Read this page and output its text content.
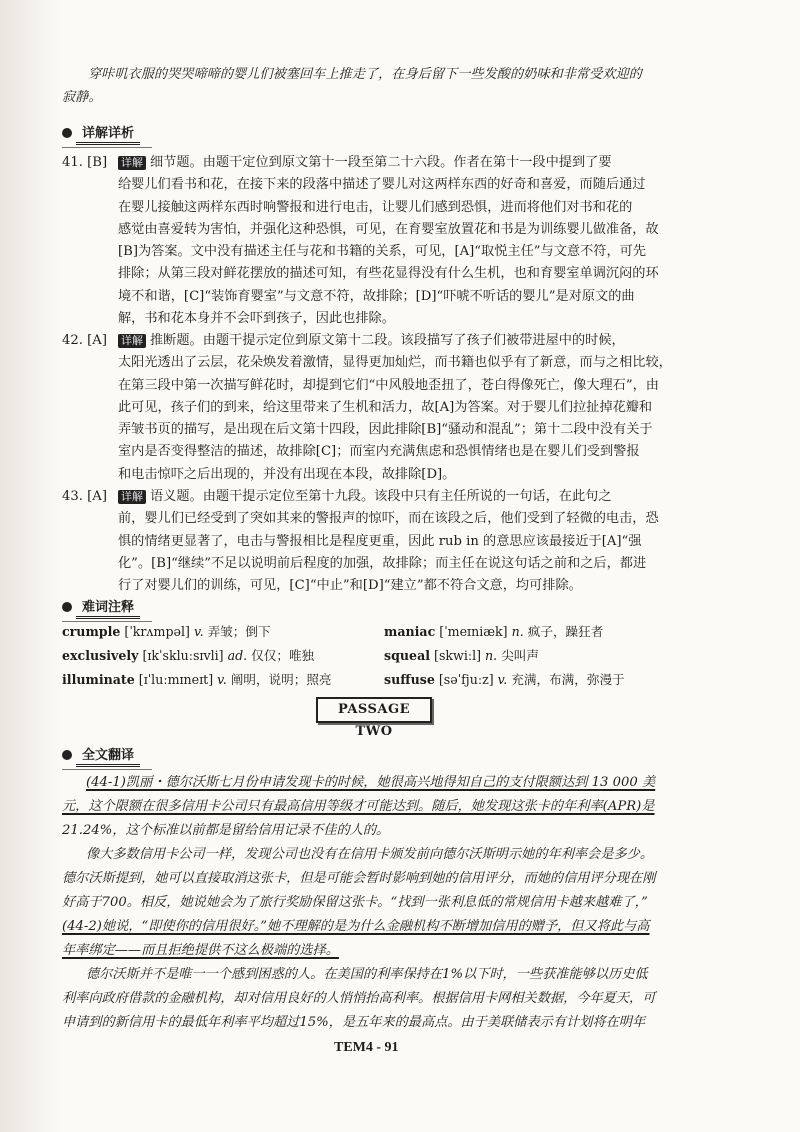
穿咔叽衣服的哭哭啼啼的婴儿们被塞回车上推走了，在身后留下一些发酸的奶味和非常受欢迎的
寂静。
详解详析
41. [B] 详解 细节题。由题干定位到原文第十一段至第二十六段。作者在第十一段中提到了要
给婴儿们看书和花，在接下来的段落中描述了婴儿对这两样东西的好奇和喜爱，而随后通过
在婴儿接触这两样东西时响警报和进行电击，让婴儿们感到恐惧，进而将他们对书和花的
感觉由喜爱转为害怕，并强化这种恐惧，可见，在育婴室放置花和书是为训练婴儿做准备，故
[B]为答案。文中没有描述主任与花和书籍的关系，可见，[A]“取悦主任”与文意不符，可先
排除；从第三段对鲜花摆放的描述可知，有些花显得没有什么生机，也和育婴室单调沉闷的环
境不和谐，[C]“装饰育婴室”与文意不符，故排除；[D]“吓唬不听话的婴儿”是对原文的曲
解，书和花本身并不会吓到孩子，因此也排除。
42. [A] 详解 推断题。由题干提示定位到原文第十二段。该段描写了孩子们被带进屋中的时候，
太阳光透出了云层，花朵焕发着激情，显得更加灿烂，而书籍也似乎有了新意，而与之相比较，
在第三段中第一次描写鲜花时，却提到它们“中风般地歪扭了，苍白得像死亡，像大理石”，由
此可见，孩子们的到来，给这里带来了生机和活力，故[A]为答案。对于婴儿们拉扯掉花瓣和
弄皱书页的描写，是出现在后文第十四段，因此排除[B]“骚动和混乱”；第十二段中没有关于
室内是否变得整洁的描述，故排除[C]；而室内充满焦虑和恐惧情绪也是在婴儿们受到警报
和电击惊吓之后出现的，并没有出现在本段，故排除[D]。
43. [A] 详解 语义题。由题干提示定位至第十九段。该段中只有主任所说的一句话，在此句之
前，婴儿们已经受到了突如其来的警报声的惊吓，而在该段之后，他们受到了轻微的电击，恐
惧的情绪更显著了，电击与警报相比是程度更重，因此 rub in 的意思应该最接近于[A]“强
化”。[B]“继续”不足以说明前后程度的加强，故排除；而主任在说这句话之前和之后，都进
行了对婴儿们的训练，可见，[C]“中止”和[D]“建立”都不符合文意，均可排除。
难词注释
crumple [ˈkrʌmpəl] v. 弄皱；倒下
exclusively [ɪkˈskluːsɪvli] ad. 仅仅；唯独
illuminate [ɪˈluːmɪneɪt] v. 阐明，说明；照亮
maniac [ˈmeɪniæk] n. 疯子，躁狂者
squeal [skwiːl] n. 尖叫声
suffuse [səˈfjuːz] v. 充满，布满，弥漫于
PASSAGE TWO
全文翻译
(44-1)凯丽・德尔沃斯七月份申请发现卡的时候，她很高兴地得知自己的支付限额达到 13 000 美
元，这个限额在很多信用卡公司只有最高信用等级才可能达到。随后，她发现这张卡的年利率(APR)是
21.24%，这个标准以前都是留给信用记录不佳的人的。
像大多数信用卡公司一样，发现公司也没有在信用卡颁发前向德尔沃斯明示她的年利率会是多少。
德尔沃斯提到，她可以直接取消这张卡，但是可能会暂时影响到她的信用评分，而她的信用评分现在刚
好高于700。相反，她说她会为了旅行奖励保留这张卡。“找到一张利息低的常规信用卡越来越难了，”
(44-2)她说，“即使你的信用很好。”她不理解的是为什么金融机构不断增加信用的赠予，但又将此与高
年率绑定——而且拒绝提供不这么极端的选择。
德尔沃斯并不是唯一一个感到困惑的人。在美国的利率保持在1%以下时，一些获准能够以历史低
利率向政府借款的金融机构，却对信用良好的人悄悄抬高利率。根据信用卡网相关数据，今年夏天，可
申请到的新信用卡的最低年利率平均超过15%，是五年来的最高点。由于美联储表示有计划将在明年
TEM4 - 91
